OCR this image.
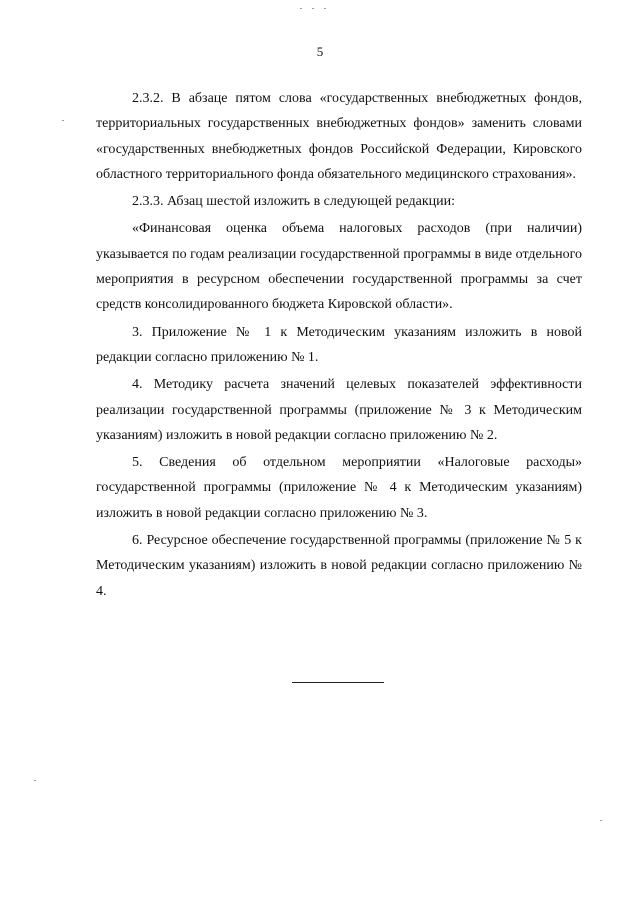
5

2.3.2. В абзаце пятом слова «государственных внебюджетных фондов, территориальных государственных внебюджетных фондов» заменить словами «государственных внебюджетных фондов Российской Федерации, Кировского областного территориального фонда обязательного медицинского страхования».

2.3.3. Абзац шестой изложить в следующей редакции:

«Финансовая оценка объема налоговых расходов (при наличии) указывается по годам реализации государственной программы в виде отдельного мероприятия в ресурсном обеспечении государственной программы за счет средств консолидированного бюджета Кировской области».

3. Приложение № 1 к Методическим указаниям изложить в новой редакции согласно приложению № 1.

4. Методику расчета значений целевых показателей эффективности реализации государственной программы (приложение № 3 к Методическим указаниям) изложить в новой редакции согласно приложению № 2.

5. Сведения об отдельном мероприятии «Налоговые расходы» государственной программы (приложение № 4 к Методическим указаниям) изложить в новой редакции согласно приложению № 3.

6. Ресурсное обеспечение государственной программы (приложение № 5 к Методическим указаниям) изложить в новой редакции согласно приложению № 4.
